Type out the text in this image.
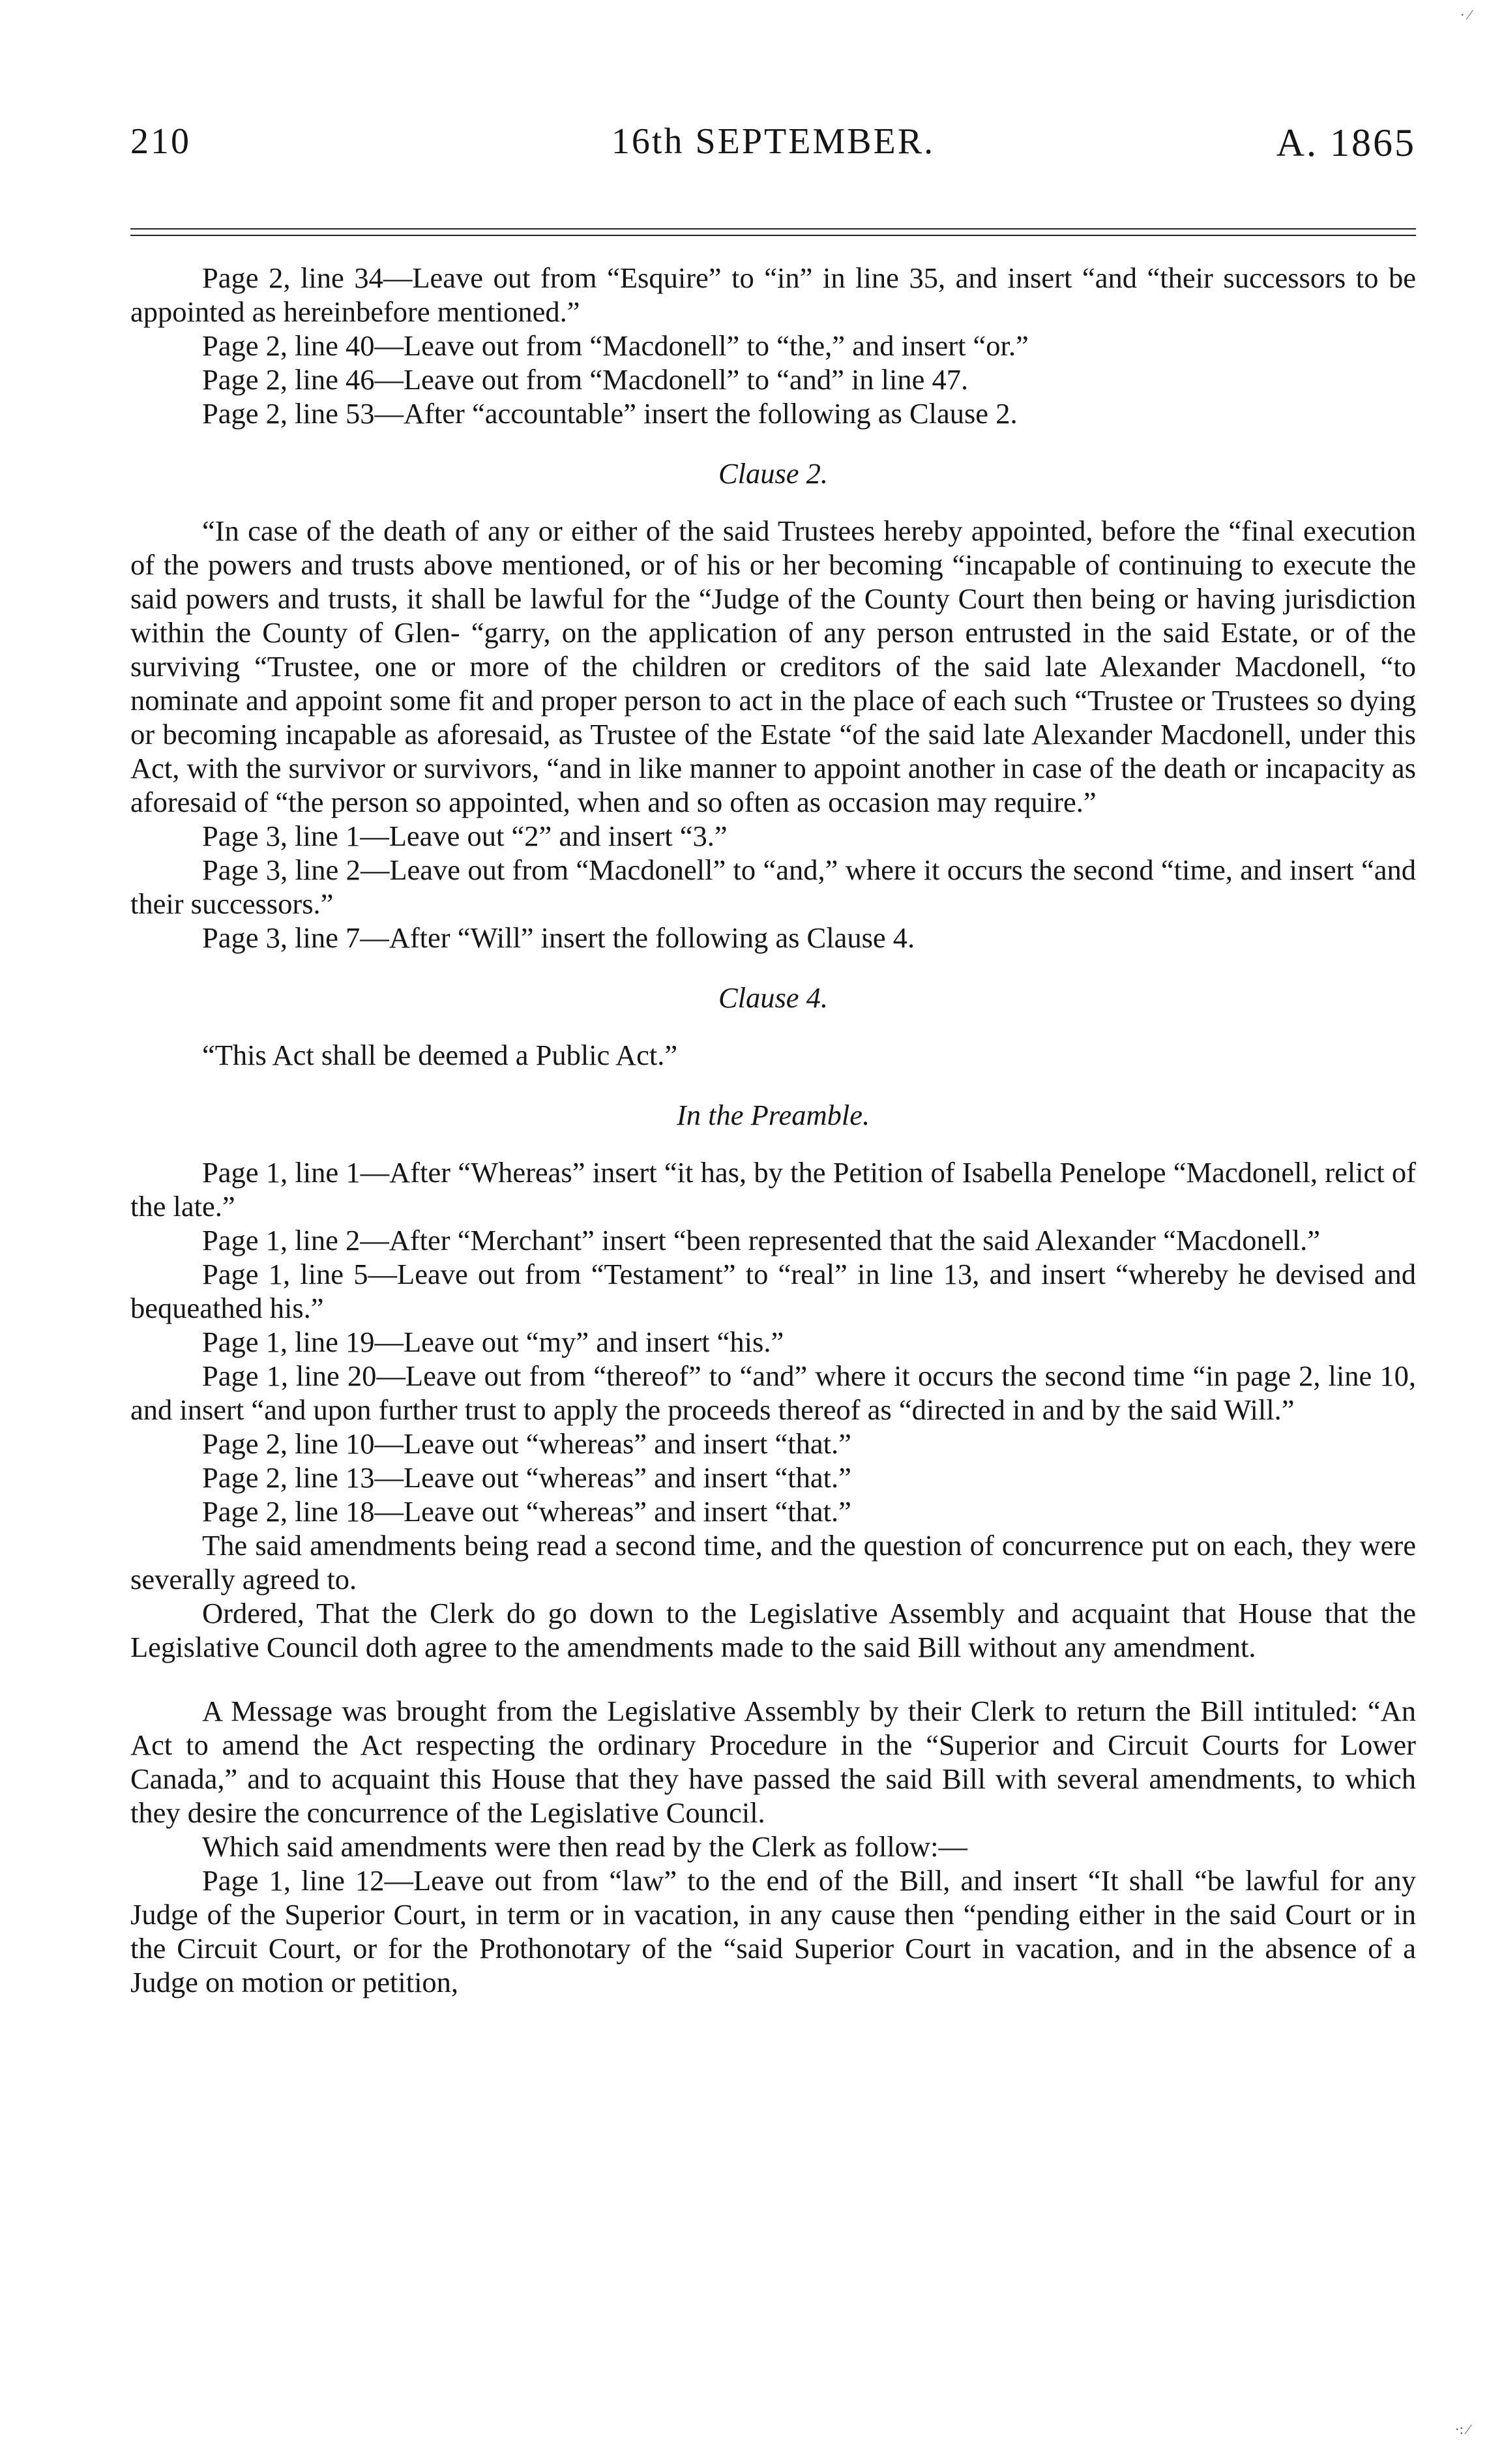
· ⁄
210	16th SEPTEMBER.	A. 1865

Page 2, line 34—Leave out from “Esquire” to “in” in line 35, and insert “and “their successors to be appointed as hereinbefore mentioned.”

Page 2, line 40—Leave out from “Macdonell” to “the,” and insert “or.”

Page 2, line 46—Leave out from “Macdonell” to “and” in line 47.

Page 2, line 53—After “accountable” insert the following as Clause 2.

Clause 2.

“In case of the death of any or either of the said Trustees hereby appointed, before the “final execution of the powers and trusts above mentioned, or of his or her becoming “incapable of continuing to execute the said powers and trusts, it shall be lawful for the “Judge of the County Court then being or having jurisdiction within the County of Glen- “garry, on the application of any person entrusted in the said Estate, or of the surviving “Trustee, one or more of the children or creditors of the said late Alexander Macdonell, “to nominate and appoint some fit and proper person to act in the place of each such “Trustee or Trustees so dying or becoming incapable as aforesaid, as Trustee of the Estate “of the said late Alexander Macdonell, under this Act, with the survivor or survivors, “and in like manner to appoint another in case of the death or incapacity as aforesaid of “the person so appointed, when and so often as occasion may require.”

Page 3, line 1—Leave out “2” and insert “3.”

Page 3, line 2—Leave out from “Macdonell” to “and,” where it occurs the second “time, and insert “and their successors.”

Page 3, line 7—After “Will” insert the following as Clause 4.

Clause 4.

“This Act shall be deemed a Public Act.”

In the Preamble.

Page 1, line 1—After “Whereas” insert “it has, by the Petition of Isabella Penelope “Macdonell, relict of the late.”

Page 1, line 2—After “Merchant” insert “been represented that the said Alexander “Macdonell.”

Page 1, line 5—Leave out from “Testament” to “real” in line 13, and insert “whereby he devised and bequeathed his.”

Page 1, line 19—Leave out “my” and insert “his.”

Page 1, line 20—Leave out from “thereof” to “and” where it occurs the second time “in page 2, line 10, and insert “and upon further trust to apply the proceeds thereof as “directed in and by the said Will.”

Page 2, line 10—Leave out “whereas” and insert “that.”

Page 2, line 13—Leave out “whereas” and insert “that.”

Page 2, line 18—Leave out “whereas” and insert “that.”

The said amendments being read a second time, and the question of concurrence put on each, they were severally agreed to.

Ordered, That the Clerk do go down to the Legislative Assembly and acquaint that House that the Legislative Council doth agree to the amendments made to the said Bill without any amendment.

A Message was brought from the Legislative Assembly by their Clerk to return the Bill intituled: “An Act to amend the Act respecting the ordinary Procedure in the “Superior and Circuit Courts for Lower Canada,” and to acquaint this House that they have passed the said Bill with several amendments, to which they desire the concurrence of the Legislative Council.

Which said amendments were then read by the Clerk as follow:—

Page 1, line 12—Leave out from “law” to the end of the Bill, and insert “It shall “be lawful for any Judge of the Superior Court, in term or in vacation, in any cause then “pending either in the said Court or in the Circuit Court, or for the Prothonotary of the “said Superior Court in vacation, and in the absence of a Judge on motion or petition,

·: ⁄
